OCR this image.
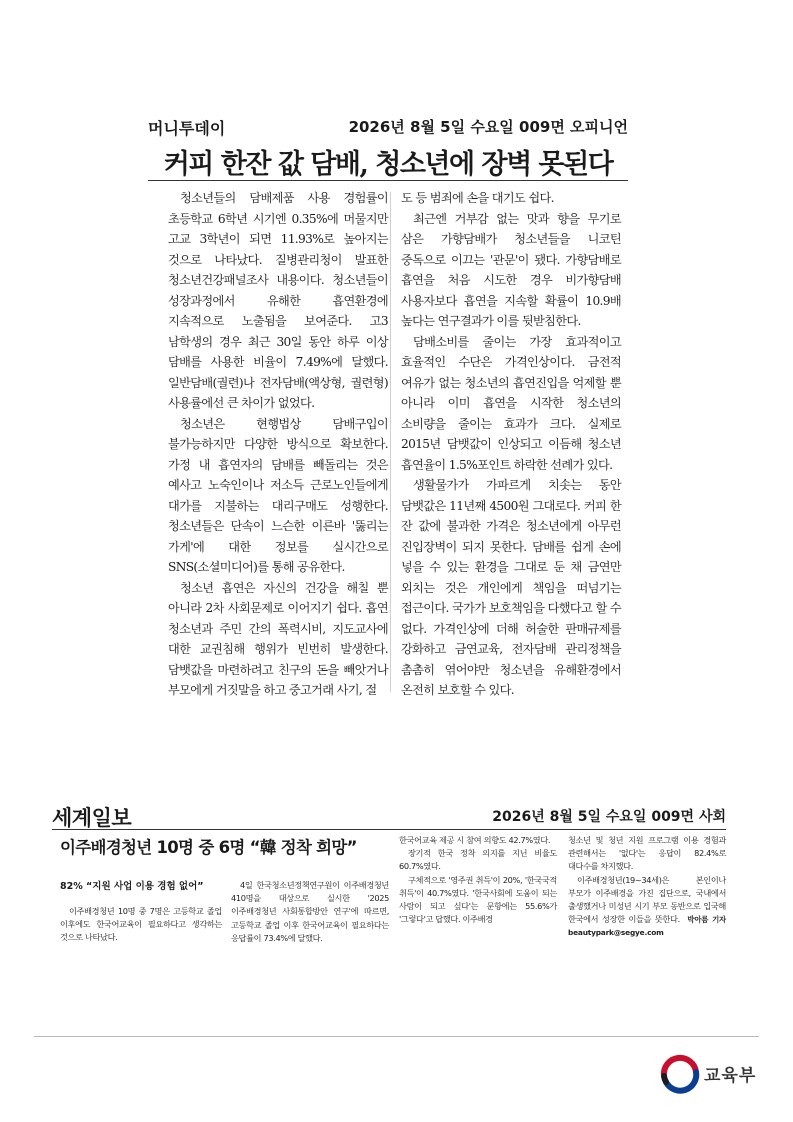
머니투데이	2026년 8월 5일 수요일 009면 오피니언
커피 한잔 값 담배, 청소년에 장벽 못된다

청소년들의 담배제품 사용 경험률이 초등학교 6학년 시기엔 0.35%에 머물지만 고교 3학년이 되면 11.93%로 높아지는 것으로 나타났다. 질병관리청이 발표한 청소년건강패널조사 내용이다. 청소년들이 성장과정에서 유해한 흡연환경에 지속적으로 노출됨을 보여준다. 고3 남학생의 경우 최근 30일 동안 하루 이상 담배를 사용한 비율이 7.49%에 달했다. 일반담배(궐련)나 전자담배(액상형, 궐련형) 사용률에선 큰 차이가 없었다.

청소년은 현행법상 담배구입이 불가능하지만 다양한 방식으로 확보한다. 가정 내 흡연자의 담배를 빼돌리는 것은 예사고 노숙인이나 저소득 근로노인들에게 대가를 지불하는 대리구매도 성행한다. 청소년들은 단속이 느슨한 이른바 '뚫리는 가게'에 대한 정보를 실시간으로 SNS(소셜미디어)를 통해 공유한다.

청소년 흡연은 자신의 건강을 해칠 뿐 아니라 2차 사회문제로 이어지기 쉽다. 흡연 청소년과 주민 간의 폭력시비, 지도교사에 대한 교권침해 행위가 빈번히 발생한다. 담뱃값을 마련하려고 친구의 돈을 빼앗거나 부모에게 거짓말을 하고 중고거래 사기, 절

도 등 범죄에 손을 대기도 쉽다.

최근엔 거부감 없는 맛과 향을 무기로 삼은 가향담배가 청소년들을 니코틴 중독으로 이끄는 '관문'이 됐다. 가향담배로 흡연을 처음 시도한 경우 비가향담배 사용자보다 흡연을 지속할 확률이 10.9배 높다는 연구결과가 이를 뒷받침한다.

담배소비를 줄이는 가장 효과적이고 효율적인 수단은 가격인상이다. 금전적 여유가 없는 청소년의 흡연진입을 억제할 뿐 아니라 이미 흡연을 시작한 청소년의 소비량을 줄이는 효과가 크다. 실제로 2015년 담뱃값이 인상되고 이듬해 청소년 흡연율이 1.5%포인트 하락한 선례가 있다.

생활물가가 가파르게 치솟는 동안 담뱃값은 11년째 4500원 그대로다. 커피 한 잔 값에 불과한 가격은 청소년에게 아무런 진입장벽이 되지 못한다. 담배를 쉽게 손에 넣을 수 있는 환경을 그대로 둔 채 금연만 외치는 것은 개인에게 책임을 떠넘기는 접근이다. 국가가 보호책임을 다했다고 할 수 없다. 가격인상에 더해 허술한 판매규제를 강화하고 금연교육, 전자담배 관리정책을 촘촘히 엮어야만 청소년을 유해환경에서 온전히 보호할 수 있다.

세계일보	2026년 8월 5일 수요일 009면 사회
이주배경청년 10명 중 6명 “韓 정착 희망”
82% “지원 사업 이용 경험 없어”

이주배경청년 10명 중 7명은 고등학교 졸업 이후에도 한국어교육이 필요하다고 생각하는 것으로 나타났다.

4일 한국청소년정책연구원이 이주배경청년 410명을 대상으로 실시한 '2025 이주배경청년 사회통합방안 연구'에 따르면, 고등학교 졸업 이후 한국어교육이 필요하다는 응답률이 73.4%에 달했다.

한국어교육 제공 시 참여 의향도 42.7%였다.

장기적 한국 정착 의지를 지닌 비율도 60.7%였다.

구체적으로 '영주권 취득'이 20%, '한국국적 취득'이 40.7%였다. '한국사회에 도움이 되는 사람이 되고 싶다'는 문항에는 55.6%가 '그렇다'고 답했다. 이주배경

청소년 및 청년 지원 프로그램 이용 경험과 관련해서는 '없다'는 응답이 82.4%로 대다수를 차지했다.

이주배경청년(19~34세)은 본인이나 부모가 이주배경을 가진 집단으로, 국내에서 출생했거나 미성년 시기 부모 동반으로 입국해 한국에서 성장한 이들을 뜻한다. 박아름 기자 beautypark@segye.com

교육부
